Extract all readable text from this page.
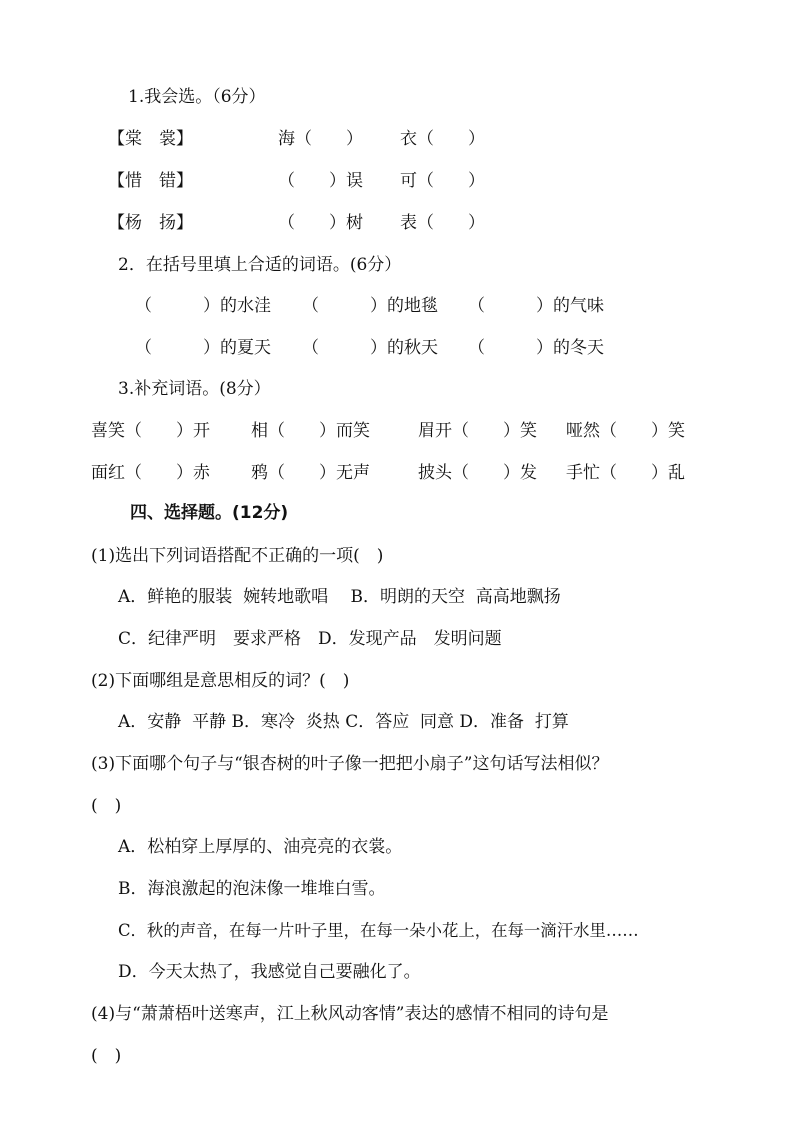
1.我会选。（6分）
【棠　裳】	海（　　） 衣（　　）
【惜　错】	（　　）误 可（　　）
【杨　扬】	（　　）树 表（　　）
2．在括号里填上合适的词语。(6分）
（　　　）的水洼 （　　　）的地毯 （　　　）的气味
（　　　）的夏天 （　　　）的秋天 （　　　）的冬天
3.补充词语。(8分）
喜笑（　　）开 相（　　）而笑	眉开（　　）笑 哑然（　　）笑
面红（　　）赤 鸦（　　）无声	披头（　　）发 手忙（　　）乱
四、选择题。(12分)
(1)选出下列词语搭配不正确的一项(　)
A．鲜艳的服装  婉转地歌唱　 B．明朗的天空  高高地飘扬
C．纪律严明　要求严格　D．发现产品　发明问题
(2)下面哪组是意思相反的词？(　)
A．安静  平静 B．寒冷  炎热 C．答应  同意 D．准备  打算
(3)下面哪个句子与“银杏树的叶子像一把把小扇子”这句话写法相似？
(　)
A．松柏穿上厚厚的、油亮亮的衣裳。
B．海浪激起的泡沫像一堆堆白雪。
C．秋的声音，在每一片叶子里，在每一朵小花上，在每一滴汗水里……
D．今天太热了，我感觉自己要融化了。
(4)与“萧萧梧叶送寒声，江上秋风动客情”表达的感情不相同的诗句是
(　)
